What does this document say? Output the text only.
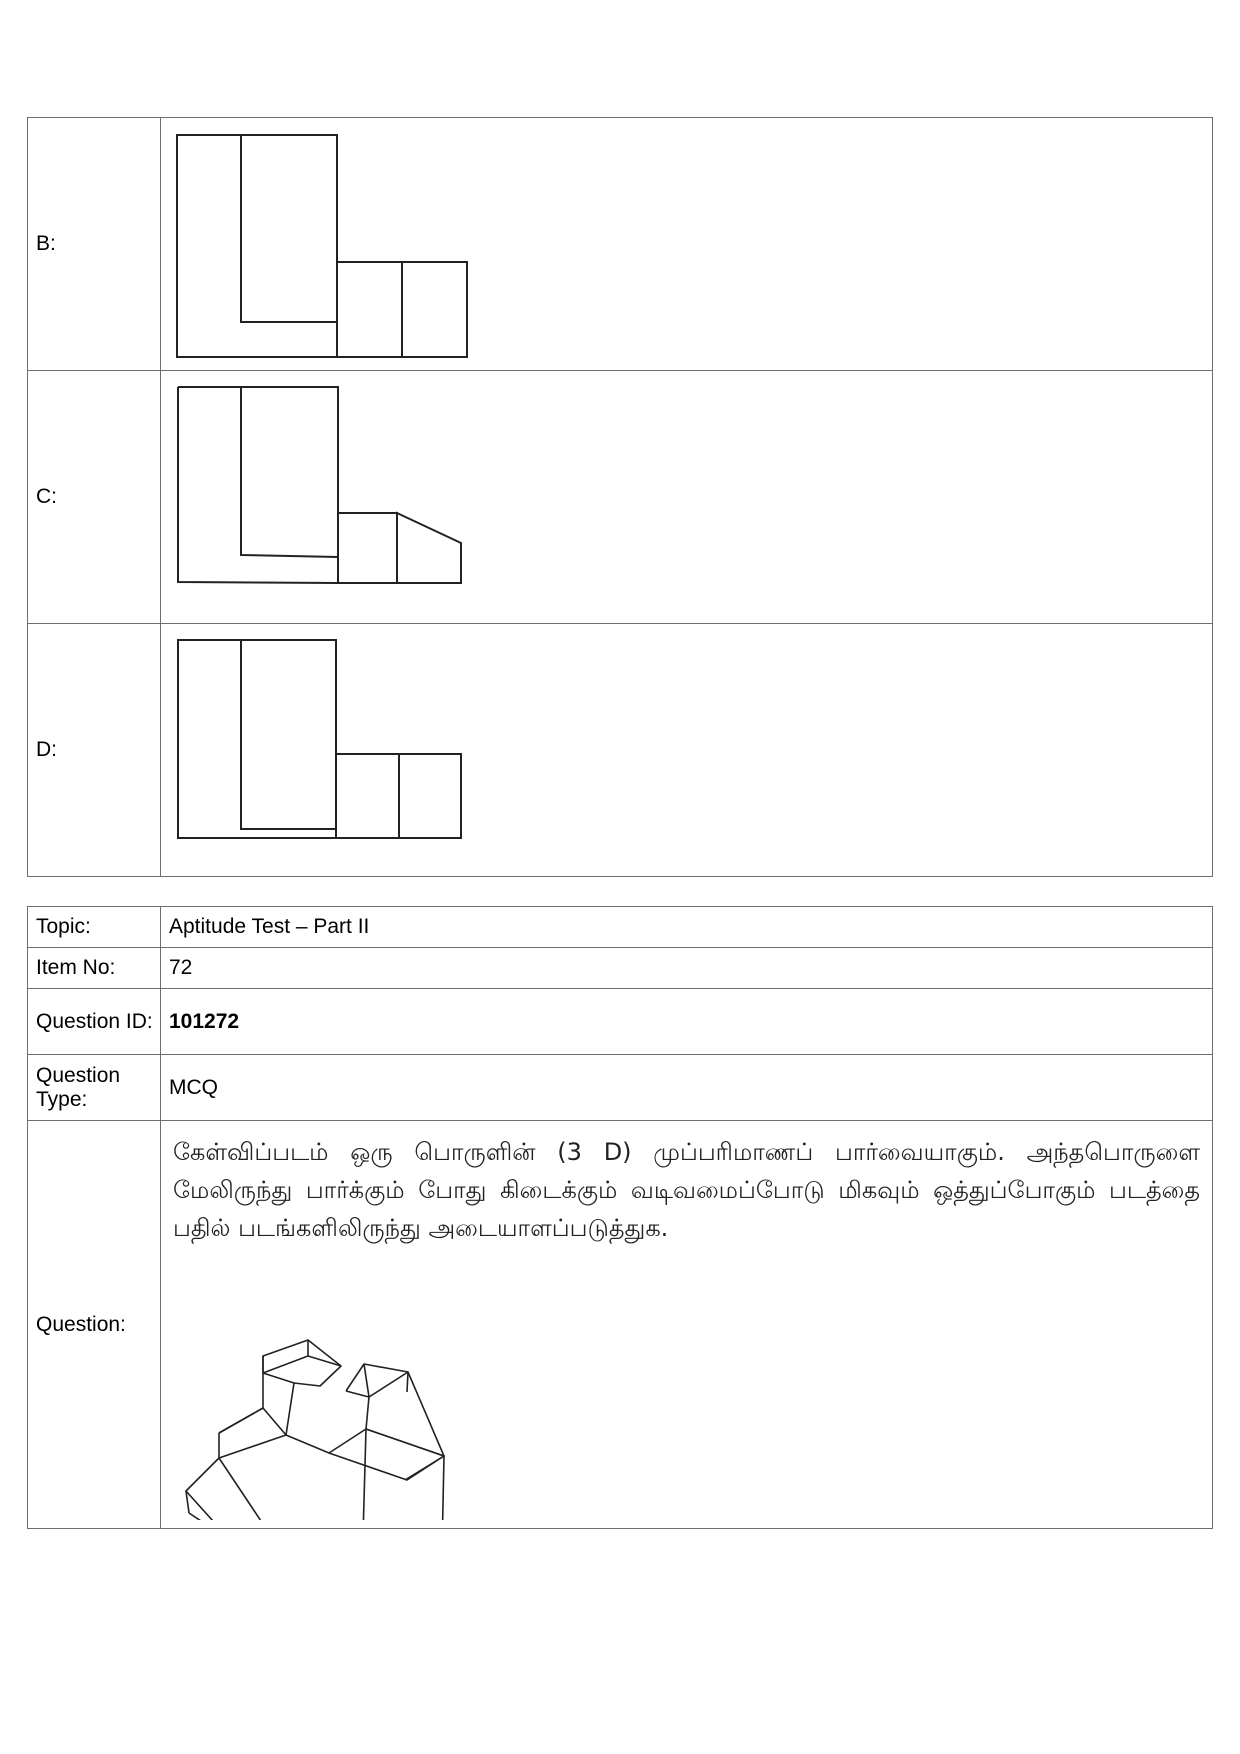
B:	

C:	

D:	
Topic:	Aptitude Test – Part II
Item No:	72
Question ID:	101272
Question Type:	MCQ
Question:	கேள்விப்படம் ஒரு பொருளின் (3 D) முப்பரிமாணப் பார்வையாகும். அந்தபொருளை மேலிருந்து பார்க்கும் போது கிடைக்கும் வடிவமைப்போடு மிகவும் ஒத்துப்போகும் படத்தை பதில் படங்களிலிருந்து அடையாளப்படுத்துக.
